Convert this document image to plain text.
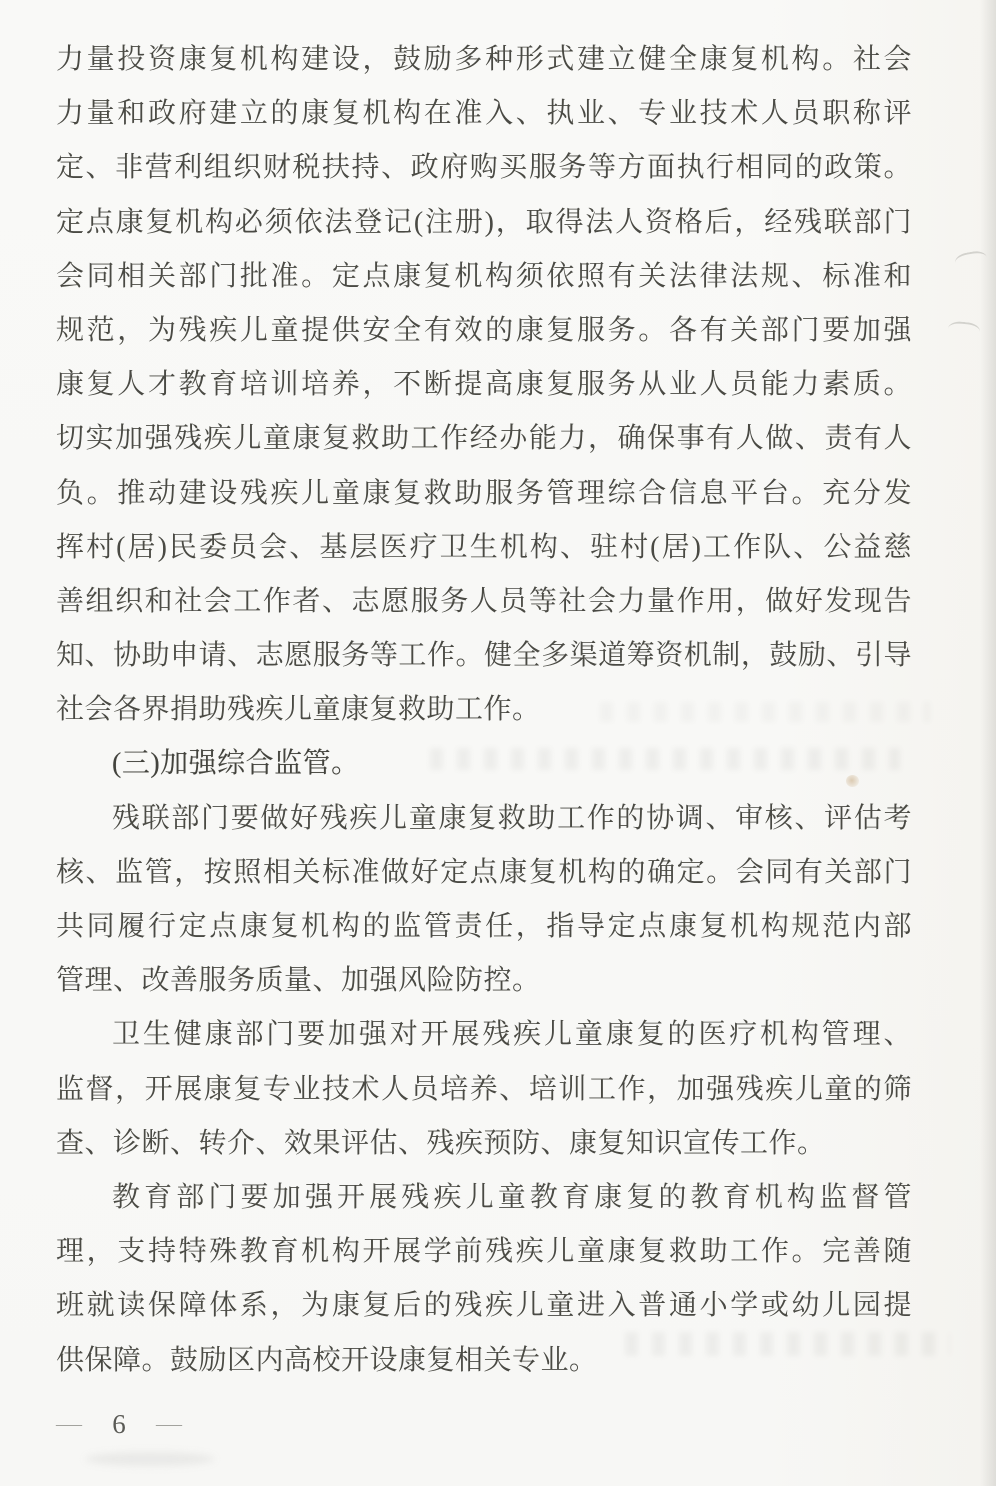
力量投资康复机构建设，鼓励多种形式建立健全康复机构。社会
力量和政府建立的康复机构在准入、执业、专业技术人员职称评
定、非营利组织财税扶持、政府购买服务等方面执行相同的政策。
定点康复机构必须依法登记(注册)，取得法人资格后，经残联部门
会同相关部门批准。定点康复机构须依照有关法律法规、标准和
规范，为残疾儿童提供安全有效的康复服务。各有关部门要加强
康复人才教育培训培养，不断提高康复服务从业人员能力素质。
切实加强残疾儿童康复救助工作经办能力，确保事有人做、责有人
负。推动建设残疾儿童康复救助服务管理综合信息平台。充分发
挥村(居)民委员会、基层医疗卫生机构、驻村(居)工作队、公益慈
善组织和社会工作者、志愿服务人员等社会力量作用，做好发现告
知、协助申请、志愿服务等工作。健全多渠道筹资机制，鼓励、引导
社会各界捐助残疾儿童康复救助工作。
(三)加强综合监管。
残联部门要做好残疾儿童康复救助工作的协调、审核、评估考
核、监管，按照相关标准做好定点康复机构的确定。会同有关部门
共同履行定点康复机构的监管责任，指导定点康复机构规范内部
管理、改善服务质量、加强风险防控。
卫生健康部门要加强对开展残疾儿童康复的医疗机构管理、
监督，开展康复专业技术人员培养、培训工作，加强残疾儿童的筛
查、诊断、转介、效果评估、残疾预防、康复知识宣传工作。
教育部门要加强开展残疾儿童教育康复的教育机构监督管
理，支持特殊教育机构开展学前残疾儿童康复救助工作。完善随
班就读保障体系，为康复后的残疾儿童进入普通小学或幼儿园提
供保障。鼓励区内高校开设康复相关专业。
— 6 —
